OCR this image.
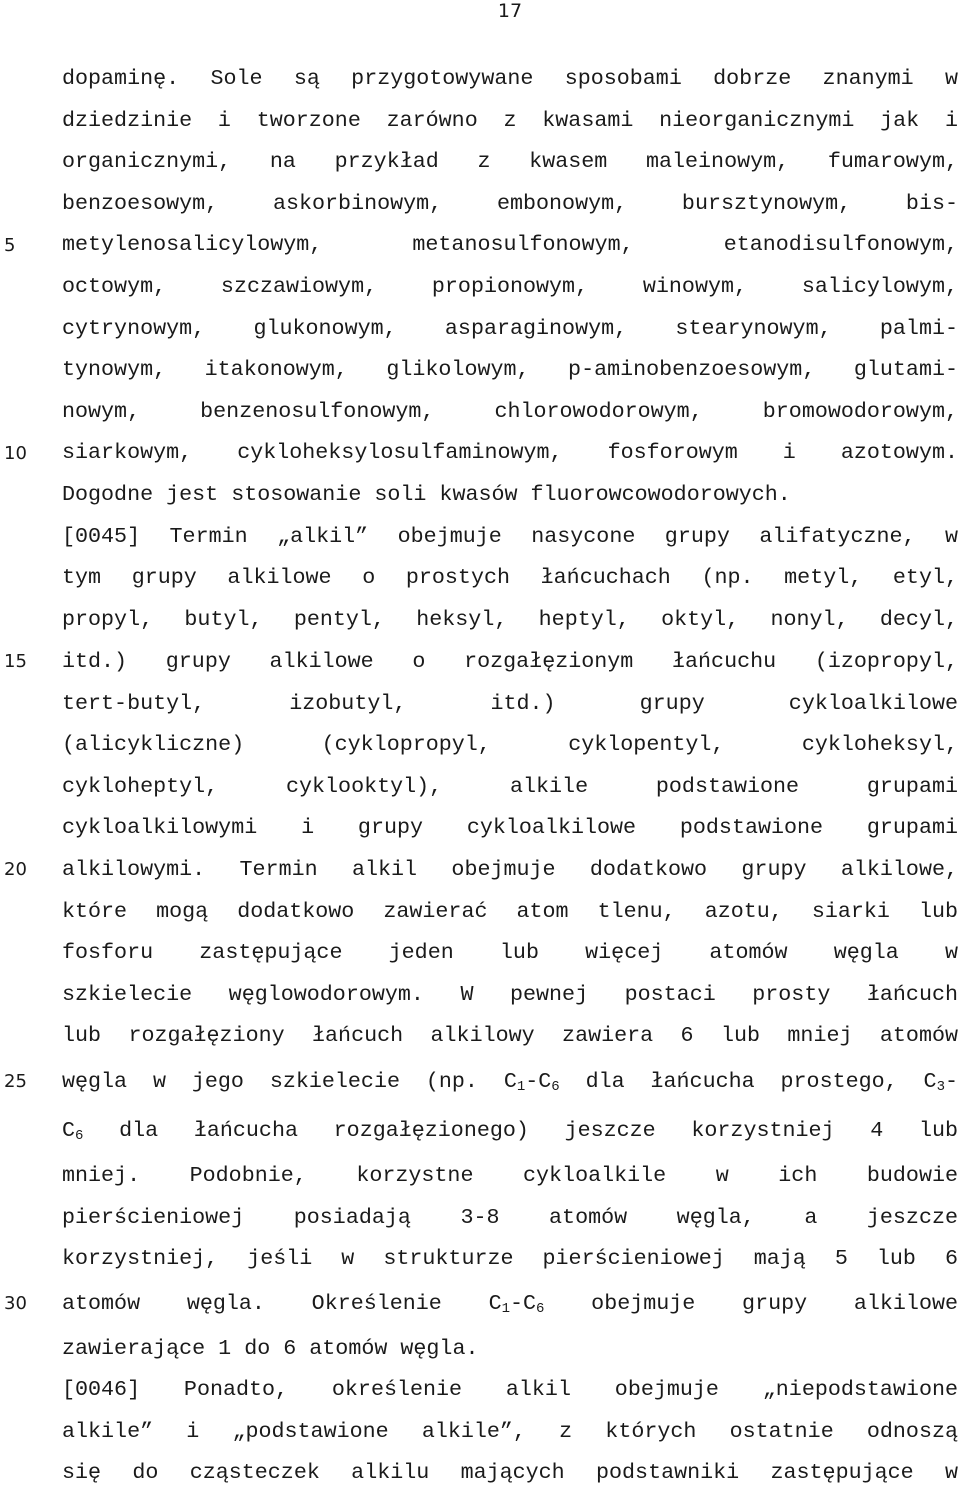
17
5
10
15
20
25
30
dopaminę. Sole są przygotowywane sposobami dobrze znanymi w
dziedzinie i tworzone zarówno z kwasami nieorganicznymi jak i
organicznymi, na przykład z kwasem maleinowym, fumarowym,
benzoesowym, askorbinowym, embonowym, bursztynowym, bis-
metylenosalicylowym, metanosulfonowym, etanodisulfonowym,
octowym, szczawiowym, propionowym, winowym, salicylowym,
cytrynowym, glukonowym, asparaginowym, stearynowym, palmi-
tynowym, itakonowym, glikolowym, p-aminobenzoesowym, glutami-
nowym, benzenosulfonowym, chlorowodorowym, bromowodorowym,
siarkowym, cykloheksylosulfaminowym, fosforowym i azotowym.
Dogodne jest stosowanie soli kwasów fluorowcowodorowych.
[0045] Termin „alkil” obejmuje nasycone grupy alifatyczne, w
tym grupy alkilowe o prostych łańcuchach (np. metyl, etyl,
propyl, butyl, pentyl, heksyl, heptyl, oktyl, nonyl, decyl,
itd.) grupy alkilowe o rozgałęzionym łańcuchu (izopropyl,
tert-butyl, izobutyl, itd.) grupy cykloalkilowe
(alicykliczne) (cyklopropyl, cyklopentyl, cykloheksyl,
cykloheptyl, cyklooktyl), alkile podstawione grupami
cykloalkilowymi i grupy cykloalkilowe podstawione grupami
alkilowymi. Termin alkil obejmuje dodatkowo grupy alkilowe,
które mogą dodatkowo zawierać atom tlenu, azotu, siarki lub
fosforu zastępujące jeden lub więcej atomów węgla w
szkielecie węglowodorowym. W pewnej postaci prosty łańcuch
lub rozgałęziony łańcuch alkilowy zawiera 6 lub mniej atomów
węgla w jego szkielecie (np. $C_1-C_6$ dla łańcucha prostego, $C_3-$
$C_6$ dla łańcucha rozgałęzionego) jeszcze korzystniej 4 lub
mniej. Podobnie, korzystne cykloalkile w ich budowie
pierścieniowej posiadają 3-8 atomów węgla, a jeszcze
korzystniej, jeśli w strukturze pierścieniowej mają 5 lub 6
atomów węgla. Określenie $C_1-C_6$ obejmuje grupy alkilowe
zawierające 1 do 6 atomów węgla.
[0046] Ponadto, określenie alkil obejmuje „niepodstawione
alkile” i „podstawione alkile”, z których ostatnie odnoszą
się do cząsteczek alkilu mających podstawniki zastępujące w
